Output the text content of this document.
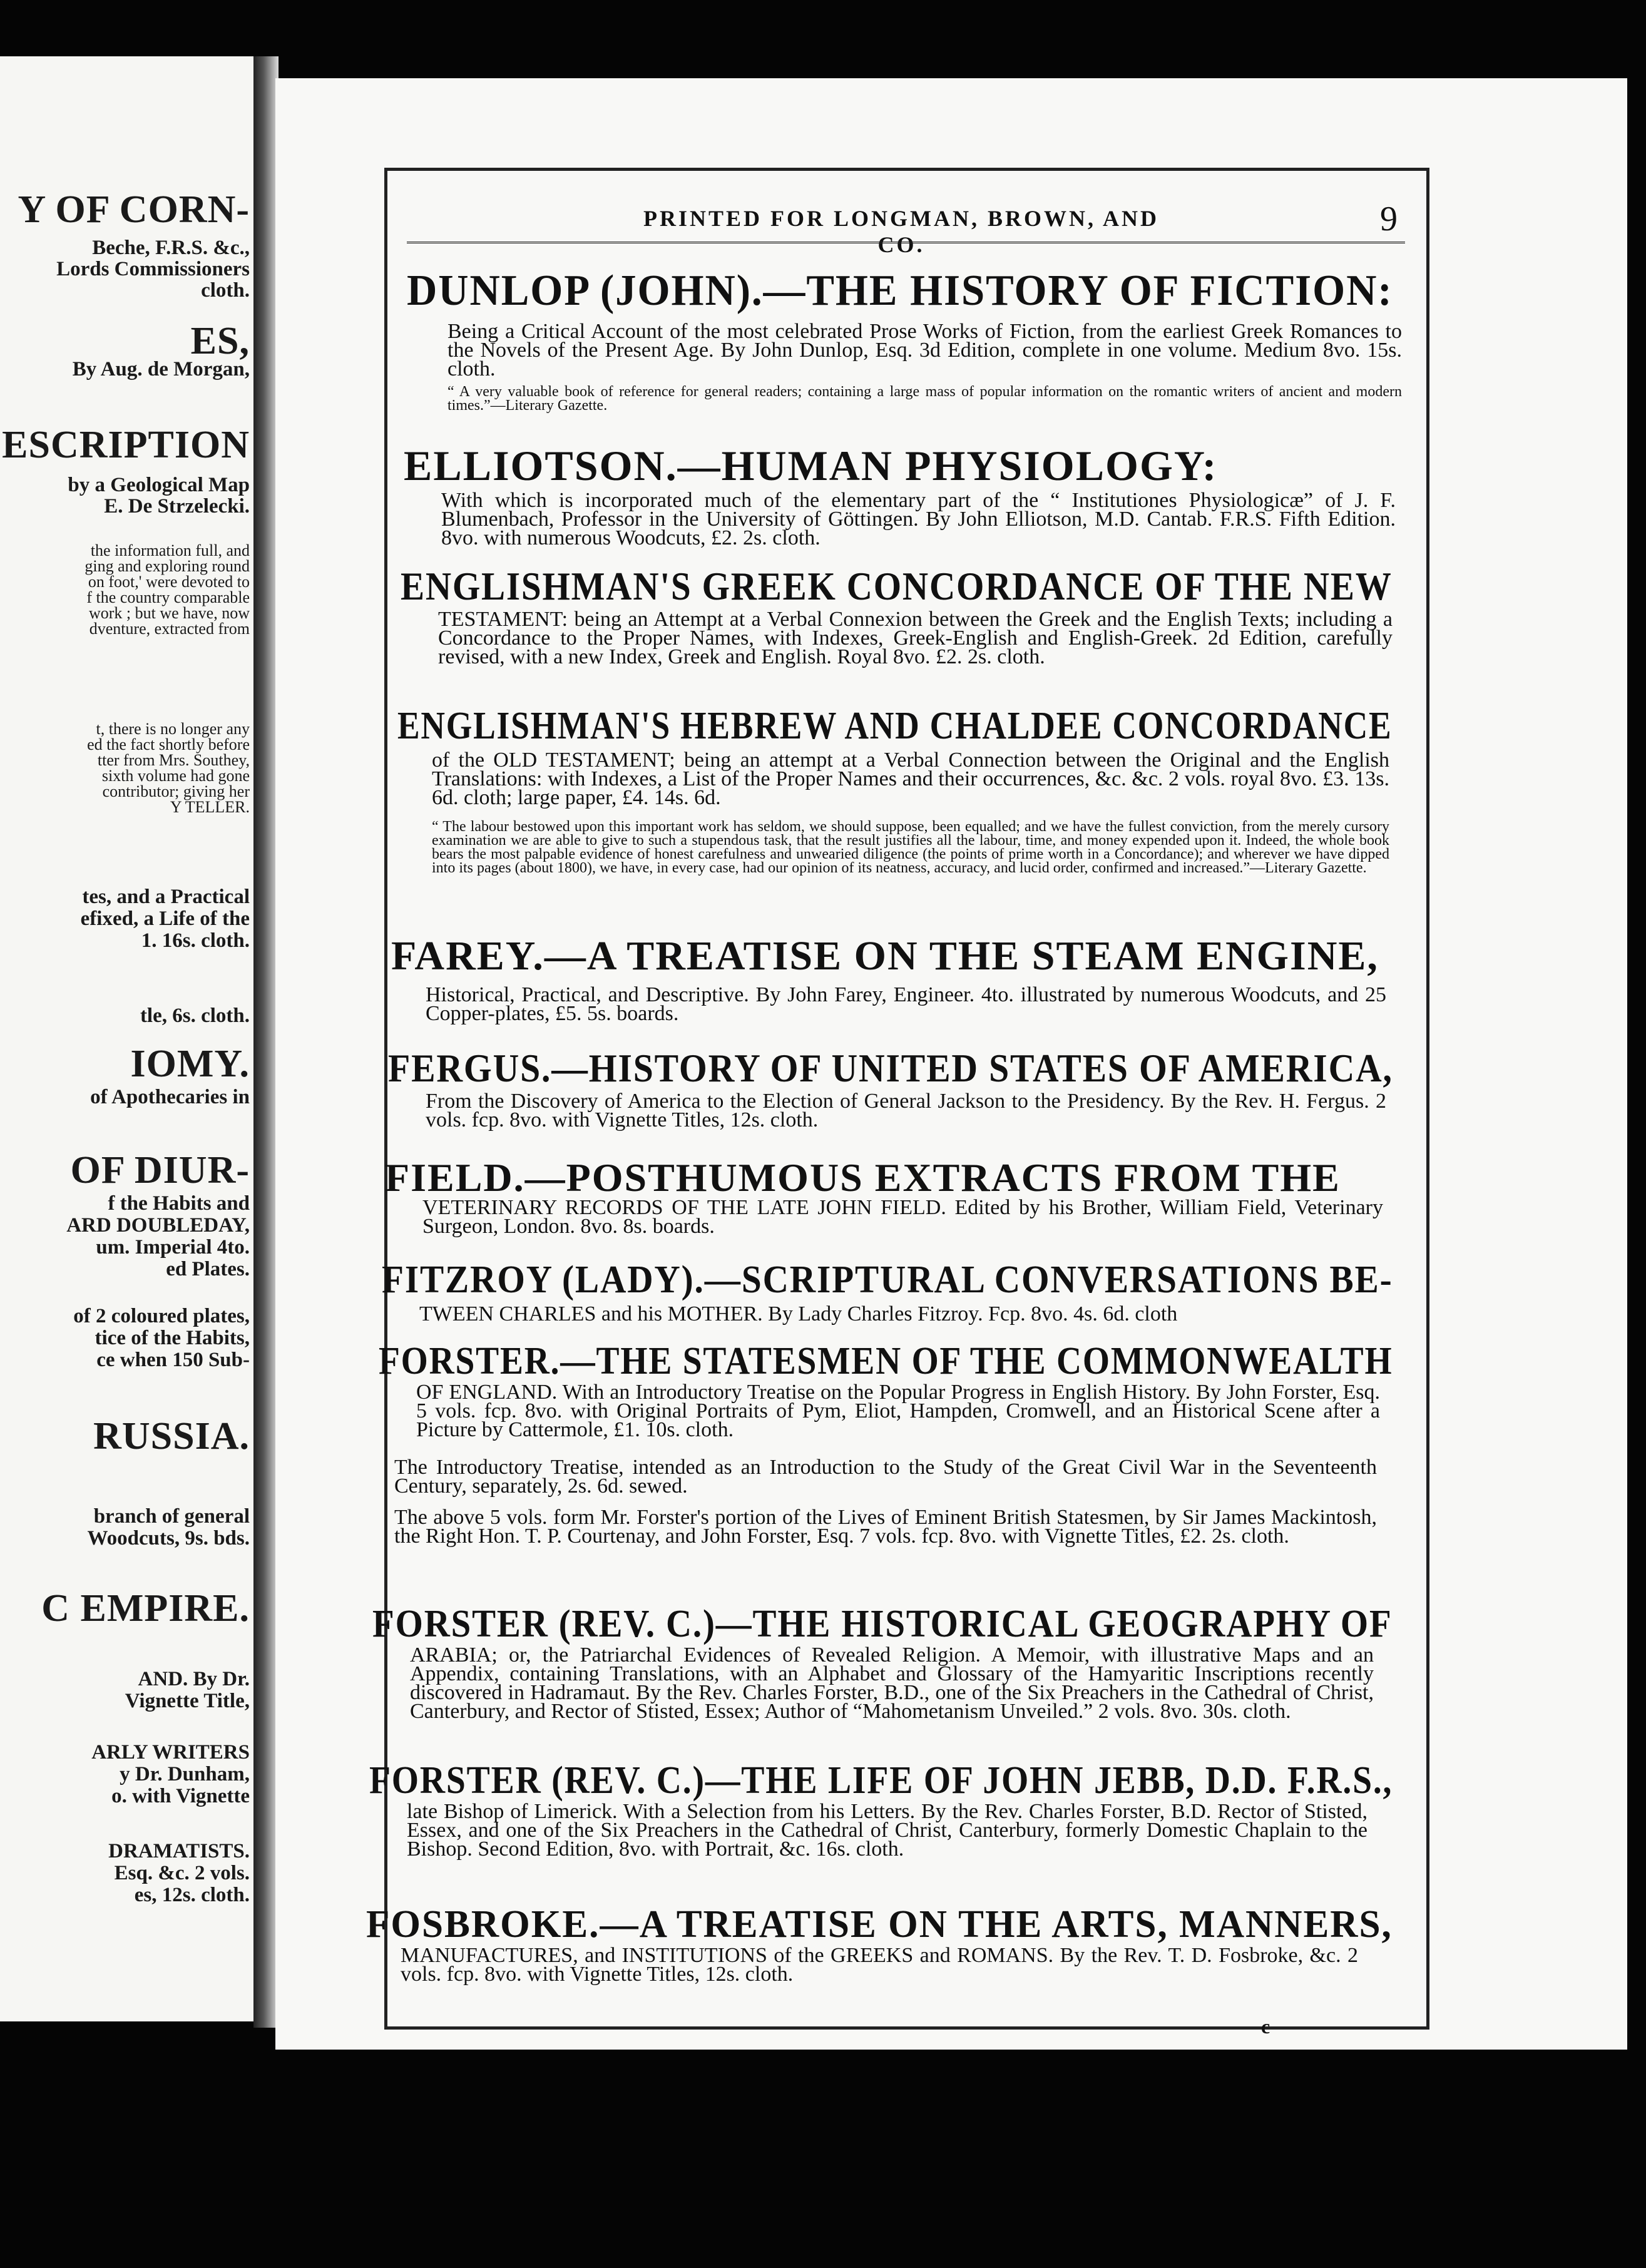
Y OF CORN-
Beche, F.R.S. &c.,
Lords Commissioners
cloth.
ES,
By Aug. de Morgan,
ESCRIPTION
by a Geological Map
E. De Strzelecki.
the information full, and
ging and exploring round
on foot,' were devoted to
f the country comparable
work ; but we have, now
dventure, extracted from
t, there is no longer any
ed the fact shortly before
tter from Mrs. Southey,
sixth volume had gone
contributor; giving her
Y TELLER.
tes, and a Practical
efixed, a Life of the
1. 16s. cloth.
tle, 6s. cloth.
IOMY.
of Apothecaries in
OF DIUR-
f the Habits and
ARD DOUBLEDAY,
um. Imperial 4to.
ed Plates.
of 2 coloured plates,
tice of the Habits,
ce when 150 Sub-
RUSSIA.
branch of general
Woodcuts, 9s. bds.
C EMPIRE.
AND. By Dr.
Vignette Title,
ARLY WRITERS
y Dr. Dunham,
o. with Vignette
DRAMATISTS.
Esq. &c. 2 vols.
es, 12s. cloth.
PRINTED FOR LONGMAN, BROWN, AND CO.
9
DUNLOP (JOHN).—THE HISTORY OF FICTION:
Being a Critical Account of the most celebrated Prose Works of Fiction, from the earliest Greek Romances to the Novels of the Present Age. By John Dunlop, Esq. 3d Edition, complete in one volume. Medium 8vo. 15s. cloth.
“ A very valuable book of reference for general readers; containing a large mass of popular information on the romantic writers of ancient and modern times.”—Literary Gazette.
ELLIOTSON.—HUMAN PHYSIOLOGY:
With which is incorporated much of the elementary part of the “ Institutiones Physiologicæ” of J. F. Blumenbach, Professor in the University of Göttingen. By John Elliotson, M.D. Cantab. F.R.S. Fifth Edition. 8vo. with numerous Woodcuts, £2. 2s. cloth.
ENGLISHMAN'S GREEK CONCORDANCE OF THE NEW
TESTAMENT: being an Attempt at a Verbal Connexion between the Greek and the English Texts; including a Concordance to the Proper Names, with Indexes, Greek-English and English-Greek. 2d Edition, carefully revised, with a new Index, Greek and English. Royal 8vo. £2. 2s. cloth.
ENGLISHMAN'S HEBREW AND CHALDEE CONCORDANCE
of the OLD TESTAMENT; being an attempt at a Verbal Connection between the Original and the English Translations: with Indexes, a List of the Proper Names and their occurrences, &c. &c. 2 vols. royal 8vo. £3. 13s. 6d. cloth; large paper, £4. 14s. 6d.
“ The labour bestowed upon this important work has seldom, we should suppose, been equalled; and we have the fullest conviction, from the merely cursory examination we are able to give to such a stupendous task, that the result justifies all the labour, time, and money expended upon it. Indeed, the whole book bears the most palpable evidence of honest carefulness and unwearied diligence (the points of prime worth in a Concordance); and wherever we have dipped into its pages (about 1800), we have, in every case, had our opinion of its neatness, accuracy, and lucid order, confirmed and increased.”—Literary Gazette.
FAREY.—A TREATISE ON THE STEAM ENGINE,
Historical, Practical, and Descriptive. By John Farey, Engineer. 4to. illustrated by numerous Woodcuts, and 25 Copper-plates, £5. 5s. boards.
FERGUS.—HISTORY OF UNITED STATES OF AMERICA,
From the Discovery of America to the Election of General Jackson to the Presidency. By the Rev. H. Fergus. 2 vols. fcp. 8vo. with Vignette Titles, 12s. cloth.
FIELD.—POSTHUMOUS EXTRACTS FROM THE
VETERINARY RECORDS OF THE LATE JOHN FIELD. Edited by his Brother, William Field, Veterinary Surgeon, London. 8vo. 8s. boards.
FITZROY (LADY).—SCRIPTURAL CONVERSATIONS BE-
TWEEN CHARLES and his MOTHER. By Lady Charles Fitzroy. Fcp. 8vo. 4s. 6d. cloth
FORSTER.—THE STATESMEN OF THE COMMONWEALTH
OF ENGLAND. With an Introductory Treatise on the Popular Progress in English History. By John Forster, Esq. 5 vols. fcp. 8vo. with Original Portraits of Pym, Eliot, Hampden, Cromwell, and an Historical Scene after a Picture by Cattermole, £1. 10s. cloth.
The Introductory Treatise, intended as an Introduction to the Study of the Great Civil War in the Seventeenth Century, separately, 2s. 6d. sewed.
The above 5 vols. form Mr. Forster's portion of the Lives of Eminent British Statesmen, by Sir James Mackintosh, the Right Hon. T. P. Courtenay, and John Forster, Esq. 7 vols. fcp. 8vo. with Vignette Titles, £2. 2s. cloth.
FORSTER (REV. C.)—THE HISTORICAL GEOGRAPHY OF
ARABIA; or, the Patriarchal Evidences of Revealed Religion. A Memoir, with illustrative Maps and an Appendix, containing Translations, with an Alphabet and Glossary of the Hamyaritic Inscriptions recently discovered in Hadramaut. By the Rev. Charles Forster, B.D., one of the Six Preachers in the Cathedral of Christ, Canterbury, and Rector of Stisted, Essex; Author of “Mahometanism Unveiled.” 2 vols. 8vo. 30s. cloth.
FORSTER (REV. C.)—THE LIFE OF JOHN JEBB, D.D. F.R.S.,
late Bishop of Limerick. With a Selection from his Letters. By the Rev. Charles Forster, B.D. Rector of Stisted, Essex, and one of the Six Preachers in the Cathedral of Christ, Canterbury, formerly Domestic Chaplain to the Bishop. Second Edition, 8vo. with Portrait, &c. 16s. cloth.
FOSBROKE.—A TREATISE ON THE ARTS, MANNERS,
MANUFACTURES, and INSTITUTIONS of the GREEKS and ROMANS. By the Rev. T. D. Fosbroke, &c. 2 vols. fcp. 8vo. with Vignette Titles, 12s. cloth.
c
